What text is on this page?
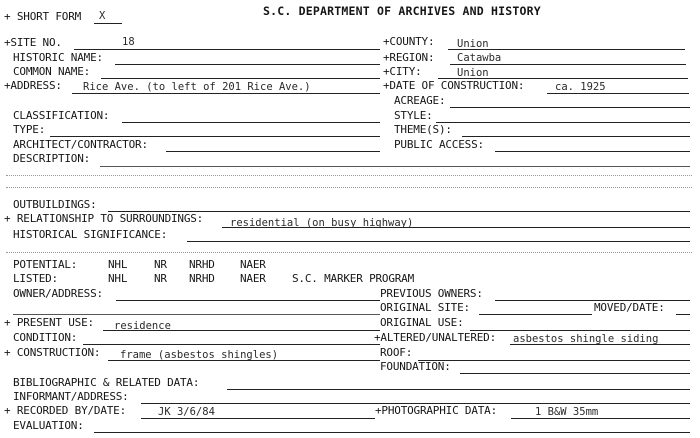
+ SHORT FORM X	S.C. DEPARTMENT OF ARCHIVES AND HISTORY
+SITE NO.	18	+COUNTY: Union
HISTORIC NAME:	+REGION: Catawba
COMMON NAME:	+CITY:	Union
+ADDRESS: Rice Ave. (to left of 201 Rice Ave.)	+DATE OF CONSTRUCTION:	ca. 1925
ACREAGE:
CLASSIFICATION:	STYLE:
TYPE:	THEME(S):
ARCHITECT/CONTRACTOR:	PUBLIC ACCESS:
DESCRIPTION:
OUTBUILDINGS:
+ RELATIONSHIP TO SURROUNDINGS:	residential (on busy highway)
HISTORICAL SIGNIFICANCE:
POTENTIAL:	NHL NR NRHD NAER
LISTED:	NHL NR NRHD NAER S.C. MARKER PROGRAM
OWNER/ADDRESS:	PREVIOUS OWNERS:
ORIGINAL SITE:	MOVED/DATE:
+ PRESENT USE: residence	ORIGINAL USE:
CONDITION:	+ALTERED/UNALTERED: asbestos shingle siding
+ CONSTRUCTION: frame (asbestos shingles)	ROOF:
FOUNDATION:
BIBLIOGRAPHIC & RELATED DATA:
INFORMANT/ADDRESS:
+ RECORDED BY/DATE:	JK 3/6/84	+PHOTOGRAPHIC DATA:	1 B&W 35mm
EVALUATION:
